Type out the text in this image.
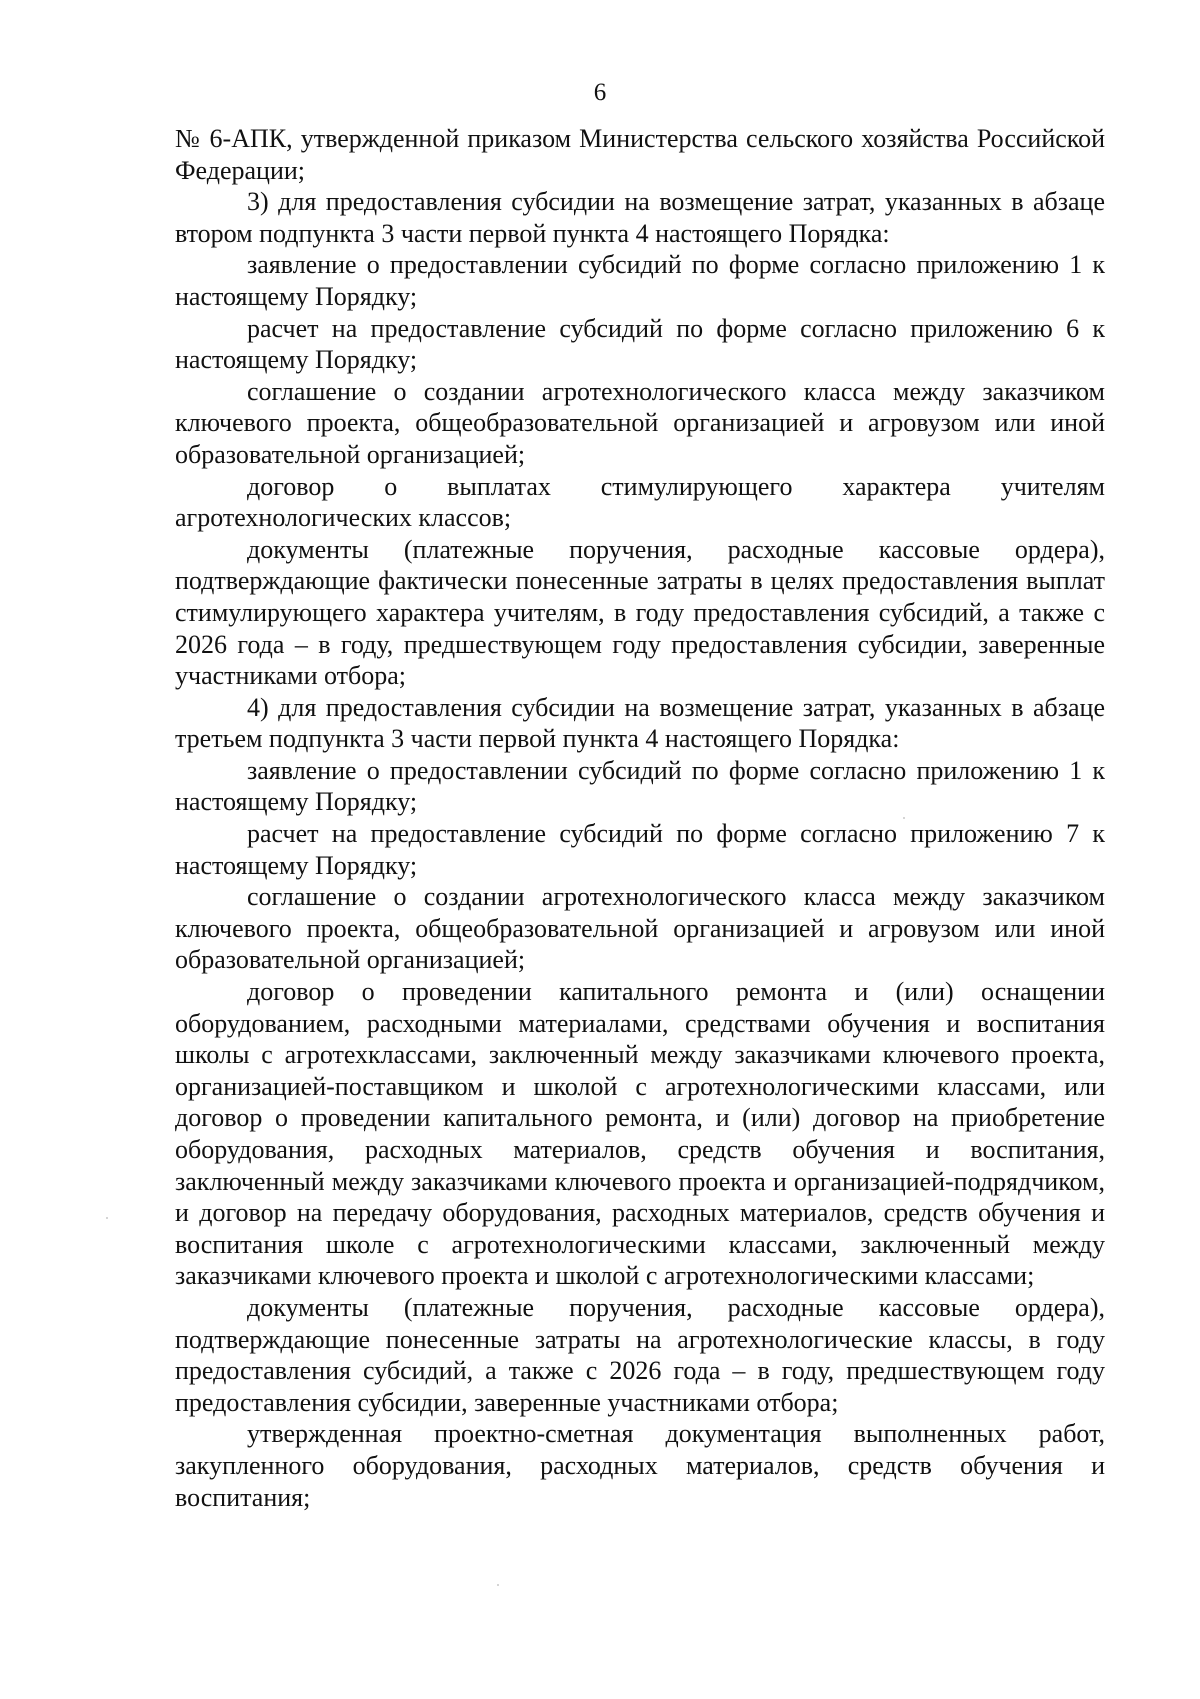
6

№ 6-АПК, утвержденной приказом Министерства сельского хозяйства Российской Федерации;

3) для предоставления субсидии на возмещение затрат, указанных в абзаце втором подпункта 3 части первой пункта 4 настоящего Порядка:

заявление о предоставлении субсидий по форме согласно приложению 1 к настоящему Порядку;

расчет на предоставление субсидий по форме согласно приложению 6 к настоящему Порядку;

соглашение о создании агротехнологического класса между заказчиком ключевого проекта, общеобразовательной организацией и агровузом или иной образовательной организацией;

договор о выплатах стимулирующего характера учителям агротехнологических классов;

документы (платежные поручения, расходные кассовые ордера), подтверждающие фактически понесенные затраты в целях предоставления выплат стимулирующего характера учителям, в году предоставления субсидий, а также с 2026 года – в году, предшествующем году предоставления субсидии, заверенные участниками отбора;

4) для предоставления субсидии на возмещение затрат, указанных в абзаце третьем подпункта 3 части первой пункта 4 настоящего Порядка:

заявление о предоставлении субсидий по форме согласно приложению 1 к настоящему Порядку;

расчет на предоставление субсидий по форме согласно приложению 7 к настоящему Порядку;

соглашение о создании агротехнологического класса между заказчиком ключевого проекта, общеобразовательной организацией и агровузом или иной образовательной организацией;

договор о проведении капитального ремонта и (или) оснащении оборудованием, расходными материалами, средствами обучения и воспитания школы с агротехклассами, заключенный между заказчиками ключевого проекта, организацией-поставщиком и школой с агротехнологическими классами, или договор о проведении капитального ремонта, и (или) договор на приобретение оборудования, расходных материалов, средств обучения и воспитания, заключенный между заказчиками ключевого проекта и организацией-подрядчиком, и договор на передачу оборудования, расходных материалов, средств обучения и воспитания школе с агротехнологическими классами, заключенный между заказчиками ключевого проекта и школой с агротехнологическими классами;

документы (платежные поручения, расходные кассовые ордера), подтверждающие понесенные затраты на агротехнологические классы, в году предоставления субсидий, а также с 2026 года – в году, предшествующем году предоставления субсидии, заверенные участниками отбора;

утвержденная проектно-сметная документация выполненных работ, закупленного оборудования, расходных материалов, средств обучения и воспитания;
